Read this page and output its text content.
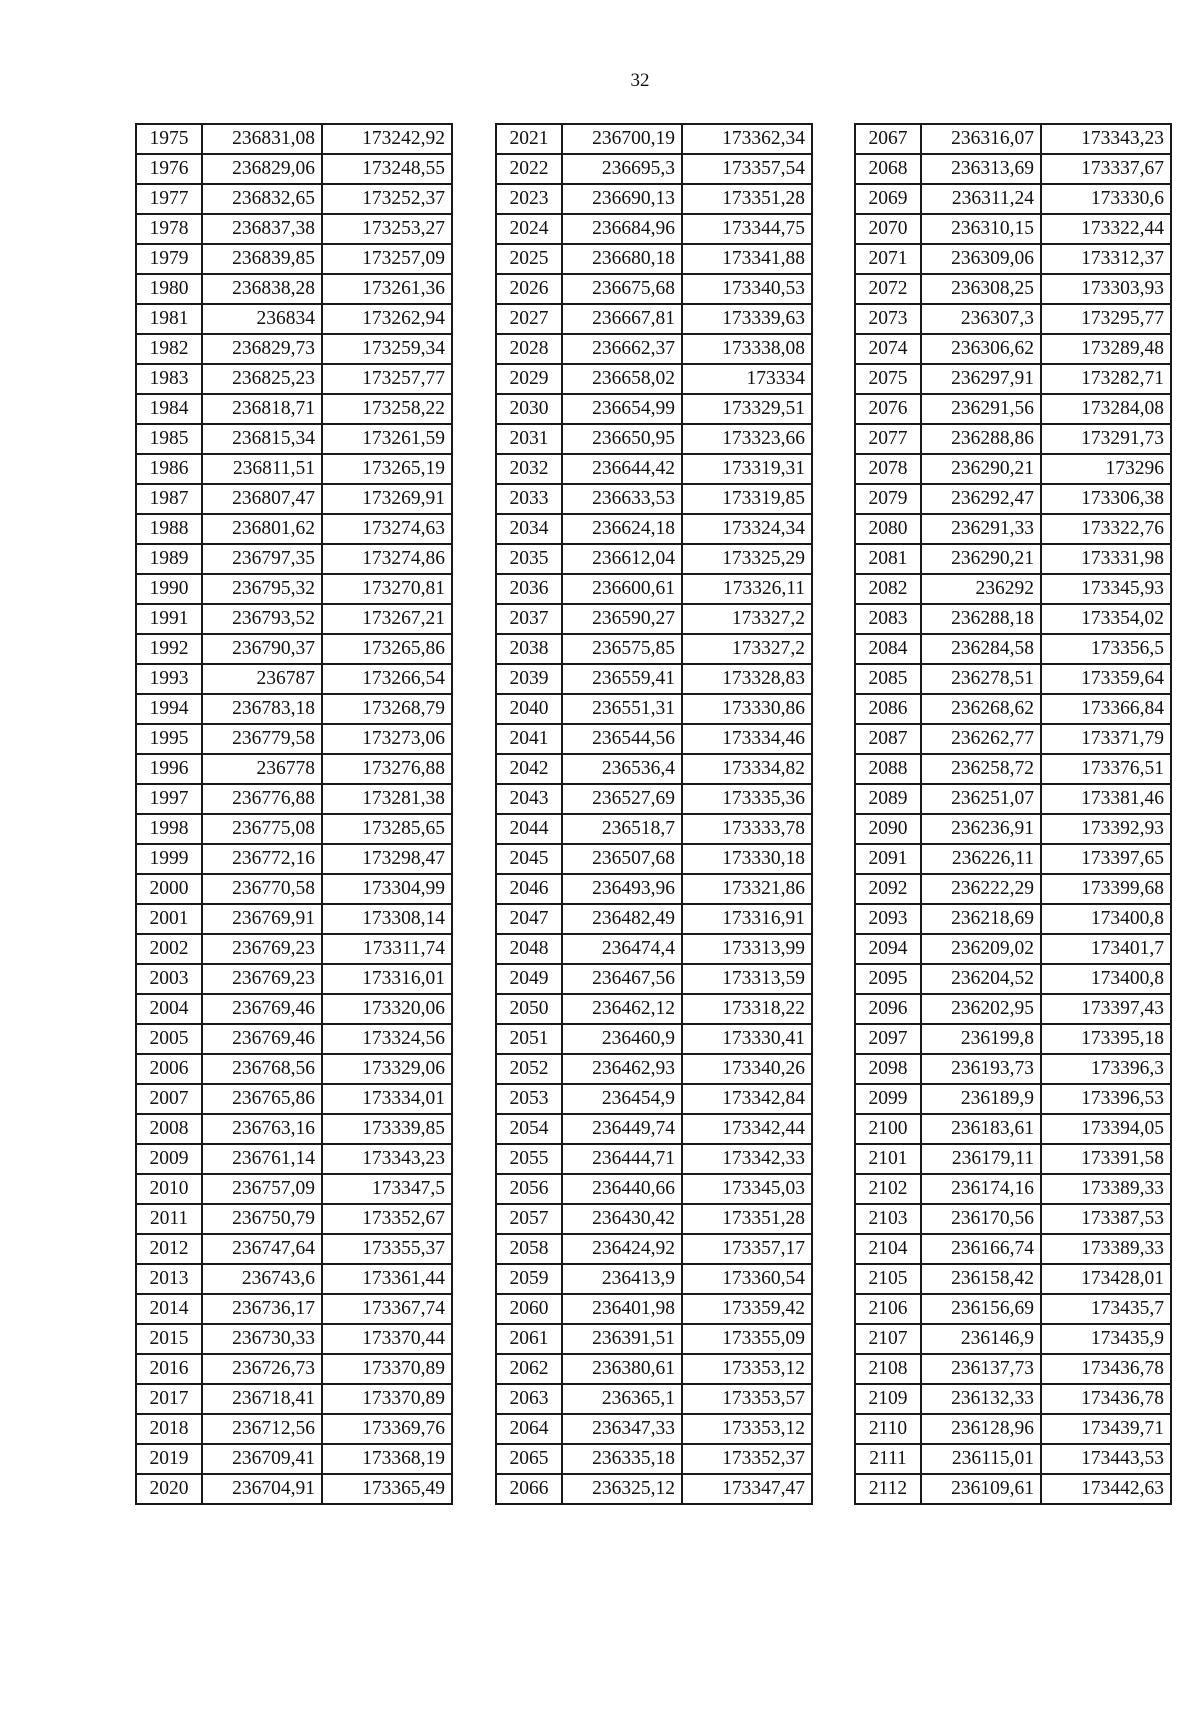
32
1975	236831,08	173242,92
1976	236829,06	173248,55
1977	236832,65	173252,37
1978	236837,38	173253,27
1979	236839,85	173257,09
1980	236838,28	173261,36
1981	236834	173262,94
1982	236829,73	173259,34
1983	236825,23	173257,77
1984	236818,71	173258,22
1985	236815,34	173261,59
1986	236811,51	173265,19
1987	236807,47	173269,91
1988	236801,62	173274,63
1989	236797,35	173274,86
1990	236795,32	173270,81
1991	236793,52	173267,21
1992	236790,37	173265,86
1993	236787	173266,54
1994	236783,18	173268,79
1995	236779,58	173273,06
1996	236778	173276,88
1997	236776,88	173281,38
1998	236775,08	173285,65
1999	236772,16	173298,47
2000	236770,58	173304,99
2001	236769,91	173308,14
2002	236769,23	173311,74
2003	236769,23	173316,01
2004	236769,46	173320,06
2005	236769,46	173324,56
2006	236768,56	173329,06
2007	236765,86	173334,01
2008	236763,16	173339,85
2009	236761,14	173343,23
2010	236757,09	173347,5
2011	236750,79	173352,67
2012	236747,64	173355,37
2013	236743,6	173361,44
2014	236736,17	173367,74
2015	236730,33	173370,44
2016	236726,73	173370,89
2017	236718,41	173370,89
2018	236712,56	173369,76
2019	236709,41	173368,19
2020	236704,91	173365,49
2021	236700,19	173362,34
2022	236695,3	173357,54
2023	236690,13	173351,28
2024	236684,96	173344,75
2025	236680,18	173341,88
2026	236675,68	173340,53
2027	236667,81	173339,63
2028	236662,37	173338,08
2029	236658,02	173334
2030	236654,99	173329,51
2031	236650,95	173323,66
2032	236644,42	173319,31
2033	236633,53	173319,85
2034	236624,18	173324,34
2035	236612,04	173325,29
2036	236600,61	173326,11
2037	236590,27	173327,2
2038	236575,85	173327,2
2039	236559,41	173328,83
2040	236551,31	173330,86
2041	236544,56	173334,46
2042	236536,4	173334,82
2043	236527,69	173335,36
2044	236518,7	173333,78
2045	236507,68	173330,18
2046	236493,96	173321,86
2047	236482,49	173316,91
2048	236474,4	173313,99
2049	236467,56	173313,59
2050	236462,12	173318,22
2051	236460,9	173330,41
2052	236462,93	173340,26
2053	236454,9	173342,84
2054	236449,74	173342,44
2055	236444,71	173342,33
2056	236440,66	173345,03
2057	236430,42	173351,28
2058	236424,92	173357,17
2059	236413,9	173360,54
2060	236401,98	173359,42
2061	236391,51	173355,09
2062	236380,61	173353,12
2063	236365,1	173353,57
2064	236347,33	173353,12
2065	236335,18	173352,37
2066	236325,12	173347,47
2067	236316,07	173343,23
2068	236313,69	173337,67
2069	236311,24	173330,6
2070	236310,15	173322,44
2071	236309,06	173312,37
2072	236308,25	173303,93
2073	236307,3	173295,77
2074	236306,62	173289,48
2075	236297,91	173282,71
2076	236291,56	173284,08
2077	236288,86	173291,73
2078	236290,21	173296
2079	236292,47	173306,38
2080	236291,33	173322,76
2081	236290,21	173331,98
2082	236292	173345,93
2083	236288,18	173354,02
2084	236284,58	173356,5
2085	236278,51	173359,64
2086	236268,62	173366,84
2087	236262,77	173371,79
2088	236258,72	173376,51
2089	236251,07	173381,46
2090	236236,91	173392,93
2091	236226,11	173397,65
2092	236222,29	173399,68
2093	236218,69	173400,8
2094	236209,02	173401,7
2095	236204,52	173400,8
2096	236202,95	173397,43
2097	236199,8	173395,18
2098	236193,73	173396,3
2099	236189,9	173396,53
2100	236183,61	173394,05
2101	236179,11	173391,58
2102	236174,16	173389,33
2103	236170,56	173387,53
2104	236166,74	173389,33
2105	236158,42	173428,01
2106	236156,69	173435,7
2107	236146,9	173435,9
2108	236137,73	173436,78
2109	236132,33	173436,78
2110	236128,96	173439,71
2111	236115,01	173443,53
2112	236109,61	173442,63
